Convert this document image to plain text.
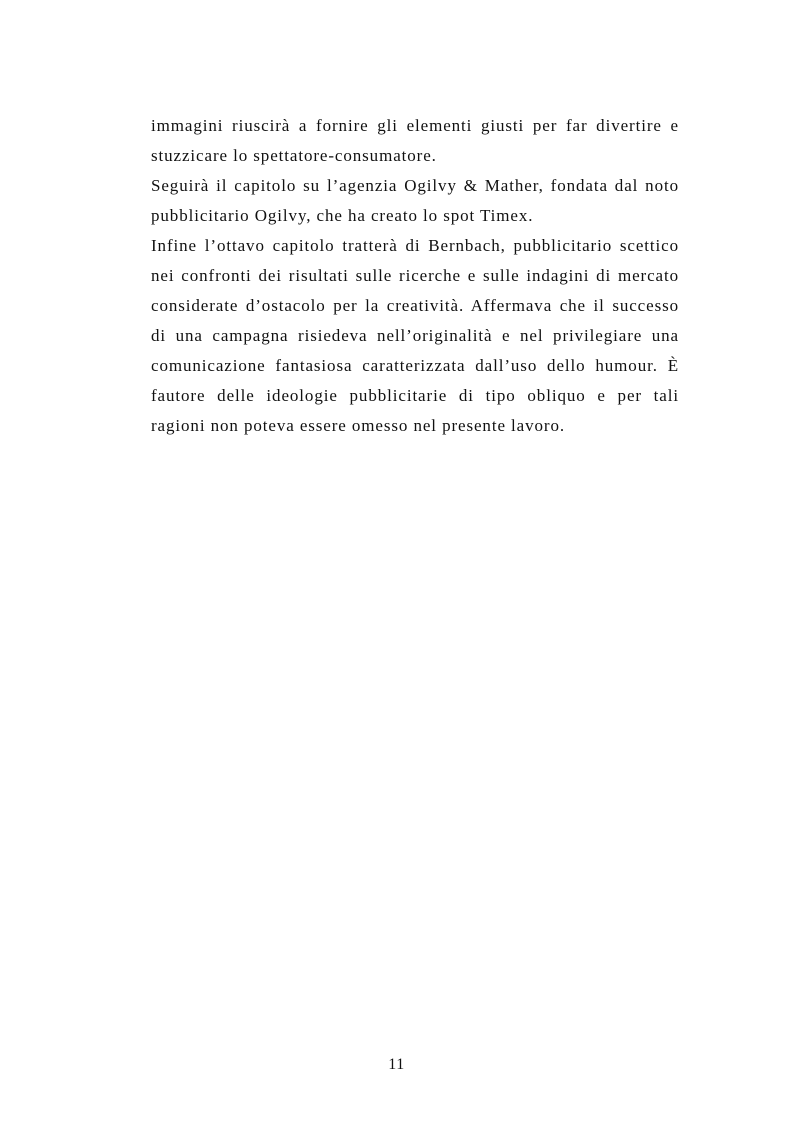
immagini riuscirà a fornire gli elementi giusti per far divertire e stuzzicare lo spettatore-consumatore.

Seguirà il capitolo su l’agenzia Ogilvy & Mather, fondata dal noto pubblicitario Ogilvy, che ha creato lo spot Timex.

Infine l’ottavo capitolo tratterà di Bernbach, pubblicitario scettico nei confronti dei risultati sulle ricerche e sulle indagini di mercato considerate d’ostacolo per la creatività. Affermava che il successo di una campagna risiedeva nell’originalità e nel privilegiare una comunicazione fantasiosa caratterizzata dall’uso dello humour. È fautore delle ideologie pubblicitarie di tipo obliquo e per tali ragioni non poteva essere omesso nel presente lavoro.

11
